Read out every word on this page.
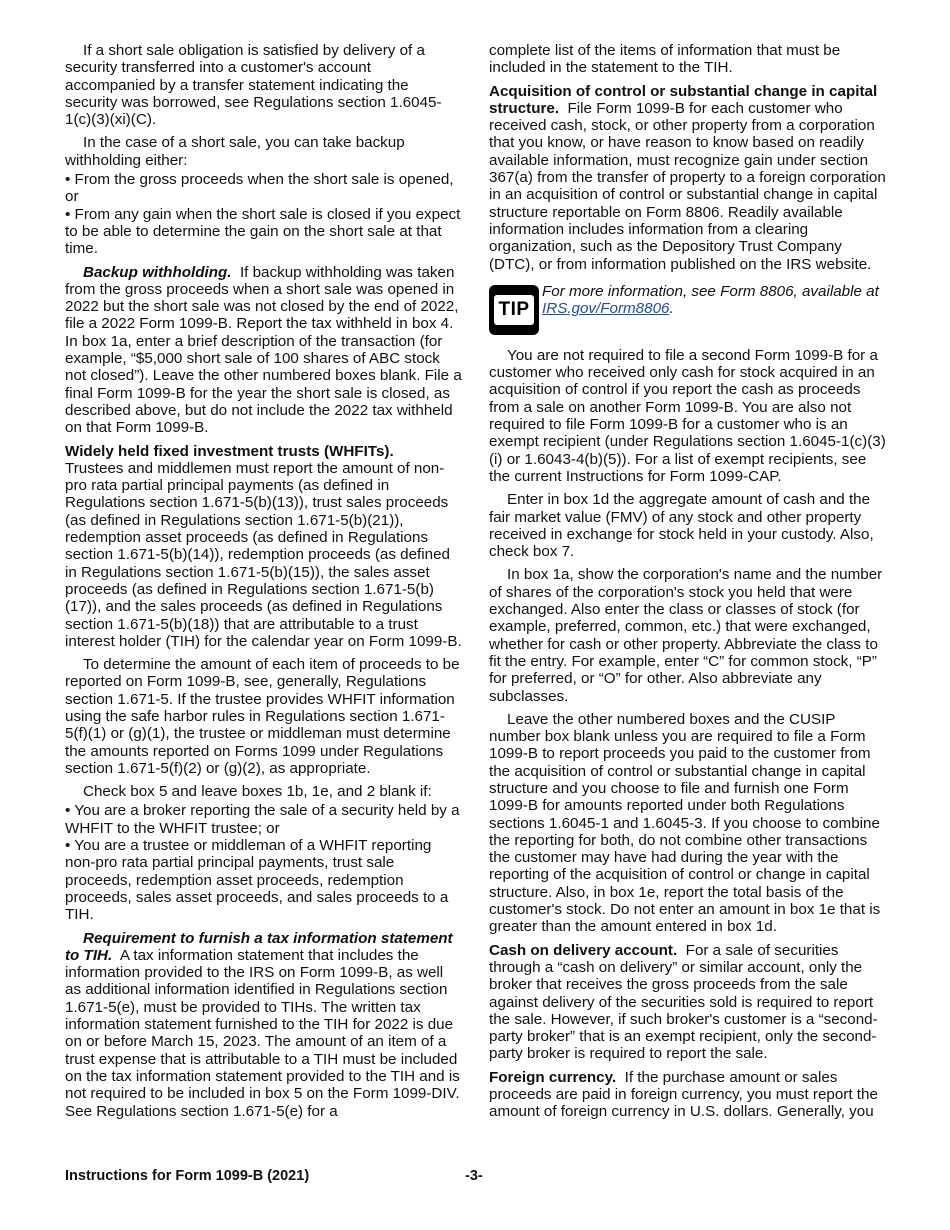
If a short sale obligation is satisfied by delivery of a security transferred into a customer's account accompanied by a transfer statement indicating the security was borrowed, see Regulations section 1.6045-1(c)(3)(xi)(C).

In the case of a short sale, you can take backup withholding either:

• From the gross proceeds when the short sale is opened, or

• From any gain when the short sale is closed if you expect to be able to determine the gain on the short sale at that time.

Backup withholding. If backup withholding was taken from the gross proceeds when a short sale was opened in 2022 but the short sale was not closed by the end of 2022, file a 2022 Form 1099-B. Report the tax withheld in box 4. In box 1a, enter a brief description of the transaction (for example, “$5,000 short sale of 100 shares of ABC stock not closed”). Leave the other numbered boxes blank. File a final Form 1099-B for the year the short sale is closed, as described above, but do not include the 2022 tax withheld on that Form 1099-B.

Widely held fixed investment trusts (WHFITs).
Trustees and middlemen must report the amount of non-pro rata partial principal payments (as defined in Regulations section 1.671-5(b)(13)), trust sales proceeds (as defined in Regulations section 1.671-5(b)(21)), redemption asset proceeds (as defined in Regulations section 1.671-5(b)(14)), redemption proceeds (as defined in Regulations section 1.671-5(b)(15)), the sales asset proceeds (as defined in Regulations section 1.671-5(b)(17)), and the sales proceeds (as defined in Regulations section 1.671-5(b)(18)) that are attributable to a trust interest holder (TIH) for the calendar year on Form 1099-B.

To determine the amount of each item of proceeds to be reported on Form 1099-B, see, generally, Regulations section 1.671-5. If the trustee provides WHFIT information using the safe harbor rules in Regulations section 1.671-5(f)(1) or (g)(1), the trustee or middleman must determine the amounts reported on Forms 1099 under Regulations section 1.671-5(f)(2) or (g)(2), as appropriate.

Check box 5 and leave boxes 1b, 1e, and 2 blank if:

• You are a broker reporting the sale of a security held by a WHFIT to the WHFIT trustee; or

• You are a trustee or middleman of a WHFIT reporting non-pro rata partial principal payments, trust sale proceeds, redemption asset proceeds, redemption proceeds, sales asset proceeds, and sales proceeds to a TIH.

Requirement to furnish a tax information statement to TIH. A tax information statement that includes the information provided to the IRS on Form 1099-B, as well as additional information identified in Regulations section 1.671-5(e), must be provided to TIHs. The written tax information statement furnished to the TIH for 2022 is due on or before March 15, 2023. The amount of an item of a trust expense that is attributable to a TIH must be included on the tax information statement provided to the TIH and is not required to be included in box 5 on the Form 1099-DIV. See Regulations section 1.671-5(e) for a

complete list of the items of information that must be included in the statement to the TIH.

Acquisition of control or substantial change in capital structure. File Form 1099-B for each customer who received cash, stock, or other property from a corporation that you know, or have reason to know based on readily available information, must recognize gain under section 367(a) from the transfer of property to a foreign corporation in an acquisition of control or substantial change in capital structure reportable on Form 8806. Readily available information includes information from a clearing organization, such as the Depository Trust Company (DTC), or from information published on the IRS website.

TIP
For more information, see Form 8806, available at IRS.gov/Form8806.

You are not required to file a second Form 1099-B for a customer who received only cash for stock acquired in an acquisition of control if you report the cash as proceeds from a sale on another Form 1099-B. You are also not required to file Form 1099-B for a customer who is an exempt recipient (under Regulations section 1.6045-1(c)(3)(i) or 1.6043-4(b)(5)). For a list of exempt recipients, see the current Instructions for Form 1099-CAP.

Enter in box 1d the aggregate amount of cash and the fair market value (FMV) of any stock and other property received in exchange for stock held in your custody. Also, check box 7.

In box 1a, show the corporation's name and the number of shares of the corporation's stock you held that were exchanged. Also enter the class or classes of stock (for example, preferred, common, etc.) that were exchanged, whether for cash or other property. Abbreviate the class to fit the entry. For example, enter “C” for common stock, “P” for preferred, or “O” for other. Also abbreviate any subclasses.

Leave the other numbered boxes and the CUSIP number box blank unless you are required to file a Form 1099-B to report proceeds you paid to the customer from the acquisition of control or substantial change in capital structure and you choose to file and furnish one Form 1099-B for amounts reported under both Regulations sections 1.6045-1 and 1.6045-3. If you choose to combine the reporting for both, do not combine other transactions the customer may have had during the year with the reporting of the acquisition of control or change in capital structure. Also, in box 1e, report the total basis of the customer's stock. Do not enter an amount in box 1e that is greater than the amount entered in box 1d.

Cash on delivery account. For a sale of securities through a “cash on delivery” or similar account, only the broker that receives the gross proceeds from the sale against delivery of the securities sold is required to report the sale. However, if such broker's customer is a “second-party broker” that is an exempt recipient, only the second-party broker is required to report the sale.

Foreign currency. If the purchase amount or sales proceeds are paid in foreign currency, you must report the amount of foreign currency in U.S. dollars. Generally, you

Instructions for Form 1099-B (2021)	-3-
